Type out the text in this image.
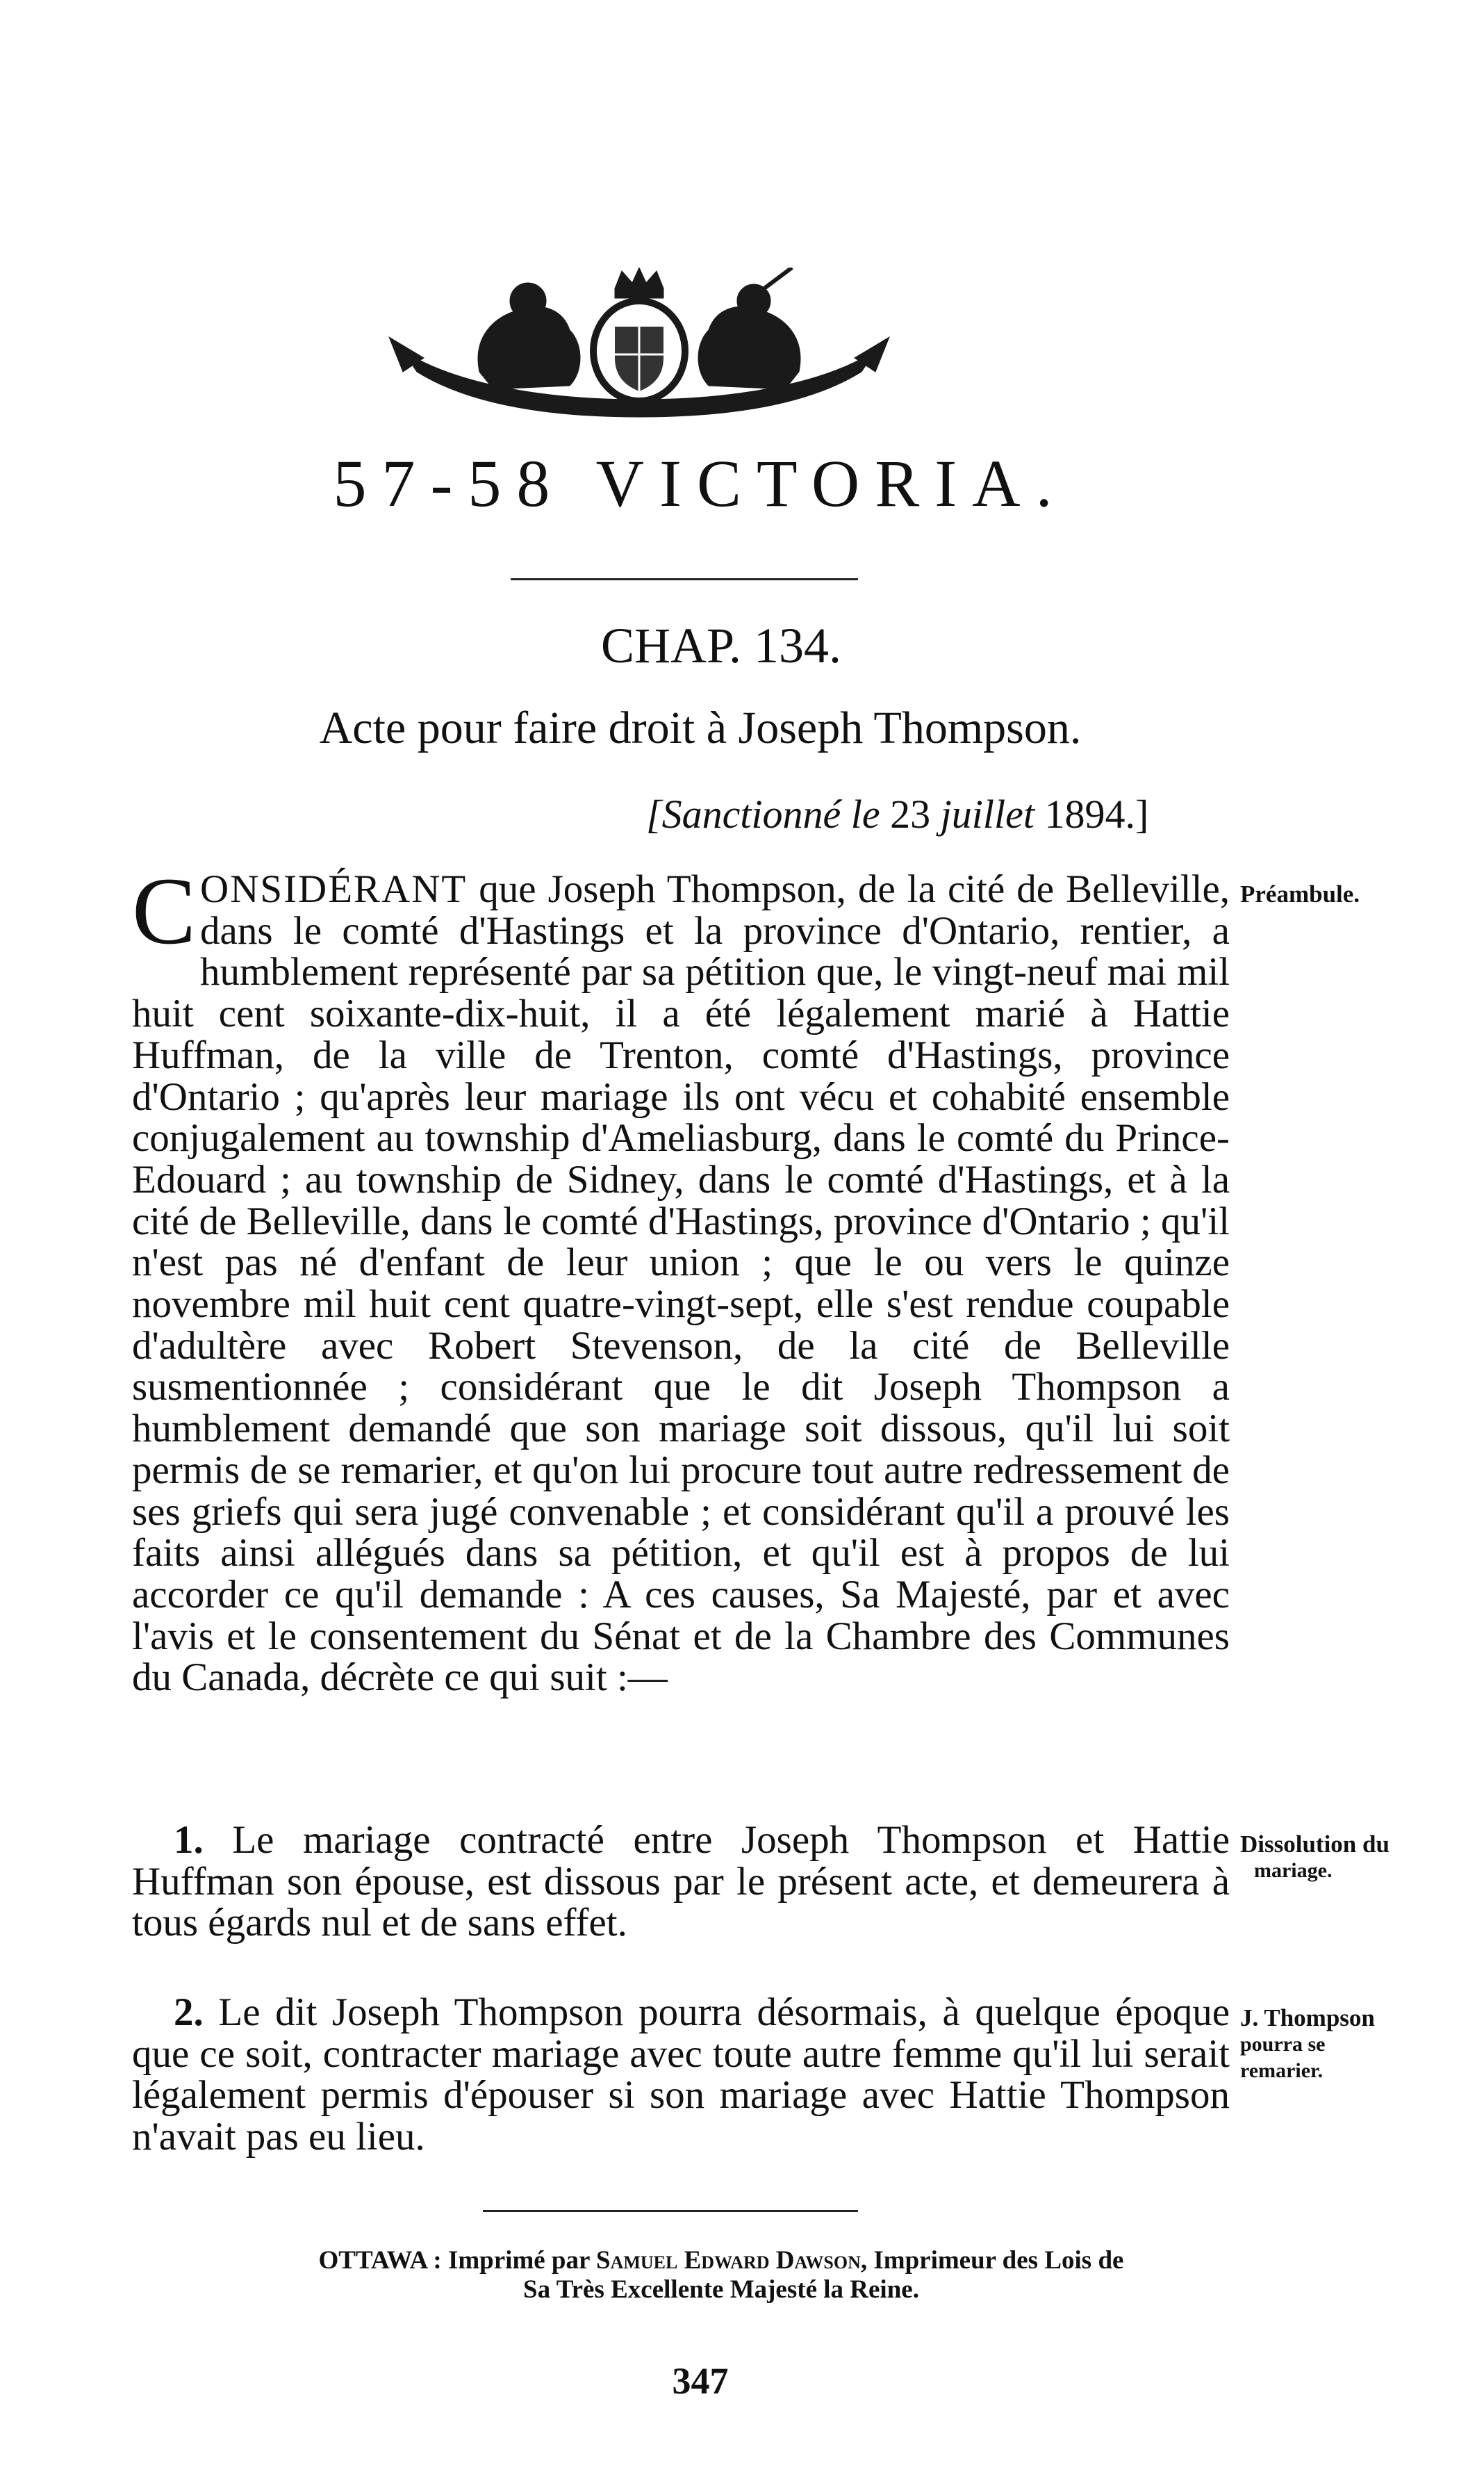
57-58 VICTORIA.
CHAP. 134.
Acte pour faire droit à Joseph Thompson.
[Sanctionné le 23 juillet 1894.]
CONSIDÉRANT que Joseph Thompson, de la cité de Belleville, dans le comté d'Hastings et la province d'Ontario, rentier, a humblement représenté par sa pétition que, le vingt-neuf mai mil huit cent soixante-dix-huit, il a été légalement marié à Hattie Huffman, de la ville de Trenton, comté d'Hastings, province d'Ontario ; qu'après leur mariage ils ont vécu et cohabité ensemble conjugalement au township d'Ameliasburg, dans le comté du Prince-Edouard ; au township de Sidney, dans le comté d'Hastings, et à la cité de Belleville, dans le comté d'Hastings, province d'Ontario ; qu'il n'est pas né d'enfant de leur union ; que le ou vers le quinze novembre mil huit cent quatre-vingt-sept, elle s'est rendue coupable d'adultère avec Robert Stevenson, de la cité de Belleville susmentionnée ; considérant que le dit Joseph Thompson a humblement demandé que son mariage soit dissous, qu'il lui soit permis de se remarier, et qu'on lui procure tout autre redressement de ses griefs qui sera jugé convenable ; et considérant qu'il a prouvé les faits ainsi allégués dans sa pétition, et qu'il est à propos de lui accorder ce qu'il demande : A ces causes, Sa Majesté, par et avec l'avis et le consentement du Sénat et de la Chambre des Communes du Canada, décrète ce qui suit :—
Préambule.
1. Le mariage contracté entre Joseph Thompson et Hattie Huffman son épouse, est dissous par le présent acte, et demeurera à tous égards nul et de sans effet.
Dissolution du
mariage.
2. Le dit Joseph Thompson pourra désormais, à quelque époque que ce soit, contracter mariage avec toute autre femme qu'il lui serait légalement permis d'épouser si son mariage avec Hattie Thompson n'avait pas eu lieu.
J. Thompson
pourra se
remarier.
OTTAWA : Imprimé par Samuel Edward Dawson, Imprimeur des Lois de
Sa Très Excellente Majesté la Reine.
347
